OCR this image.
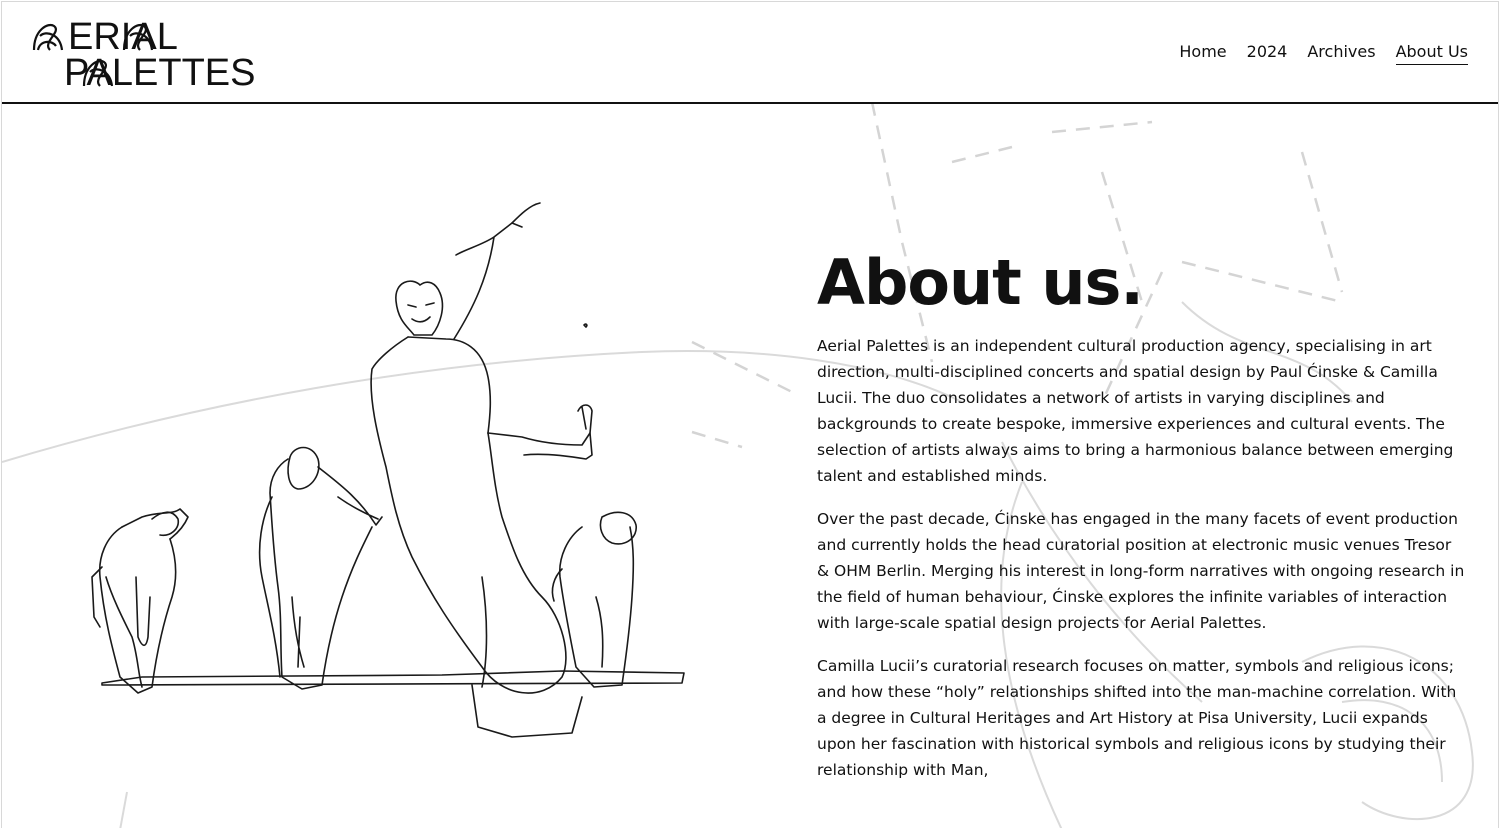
ERIAL
PALETTES
Home 2024 Archives About Us
About us.

Aerial Palettes is an independent cultural production agency, specialising in art direction, multi-disciplined concerts and spatial design by Paul Ćinske & Camilla Lucii. The duo consolidates a network of artists in varying disciplines and backgrounds to create bespoke, immersive experiences and cultural events. The selection of artists always aims to bring a harmonious balance between emerging talent and established minds.

Over the past decade, Ćinske has engaged in the many facets of event production and currently holds the head curatorial position at electronic music venues Tresor & OHM Berlin. Merging his interest in long-form narratives with ongoing research in the field of human behaviour, Ćinske explores the infinite variables of interaction with large-scale spatial design projects for Aerial Palettes.

Camilla Lucii’s curatorial research focuses on matter, symbols and religious icons; and how these “holy” relationships shifted into the man-machine correlation. With a degree in Cultural Heritages and Art History at Pisa University, Lucii expands upon her fascination with historical symbols and religious icons by studying their relationship with Man,
